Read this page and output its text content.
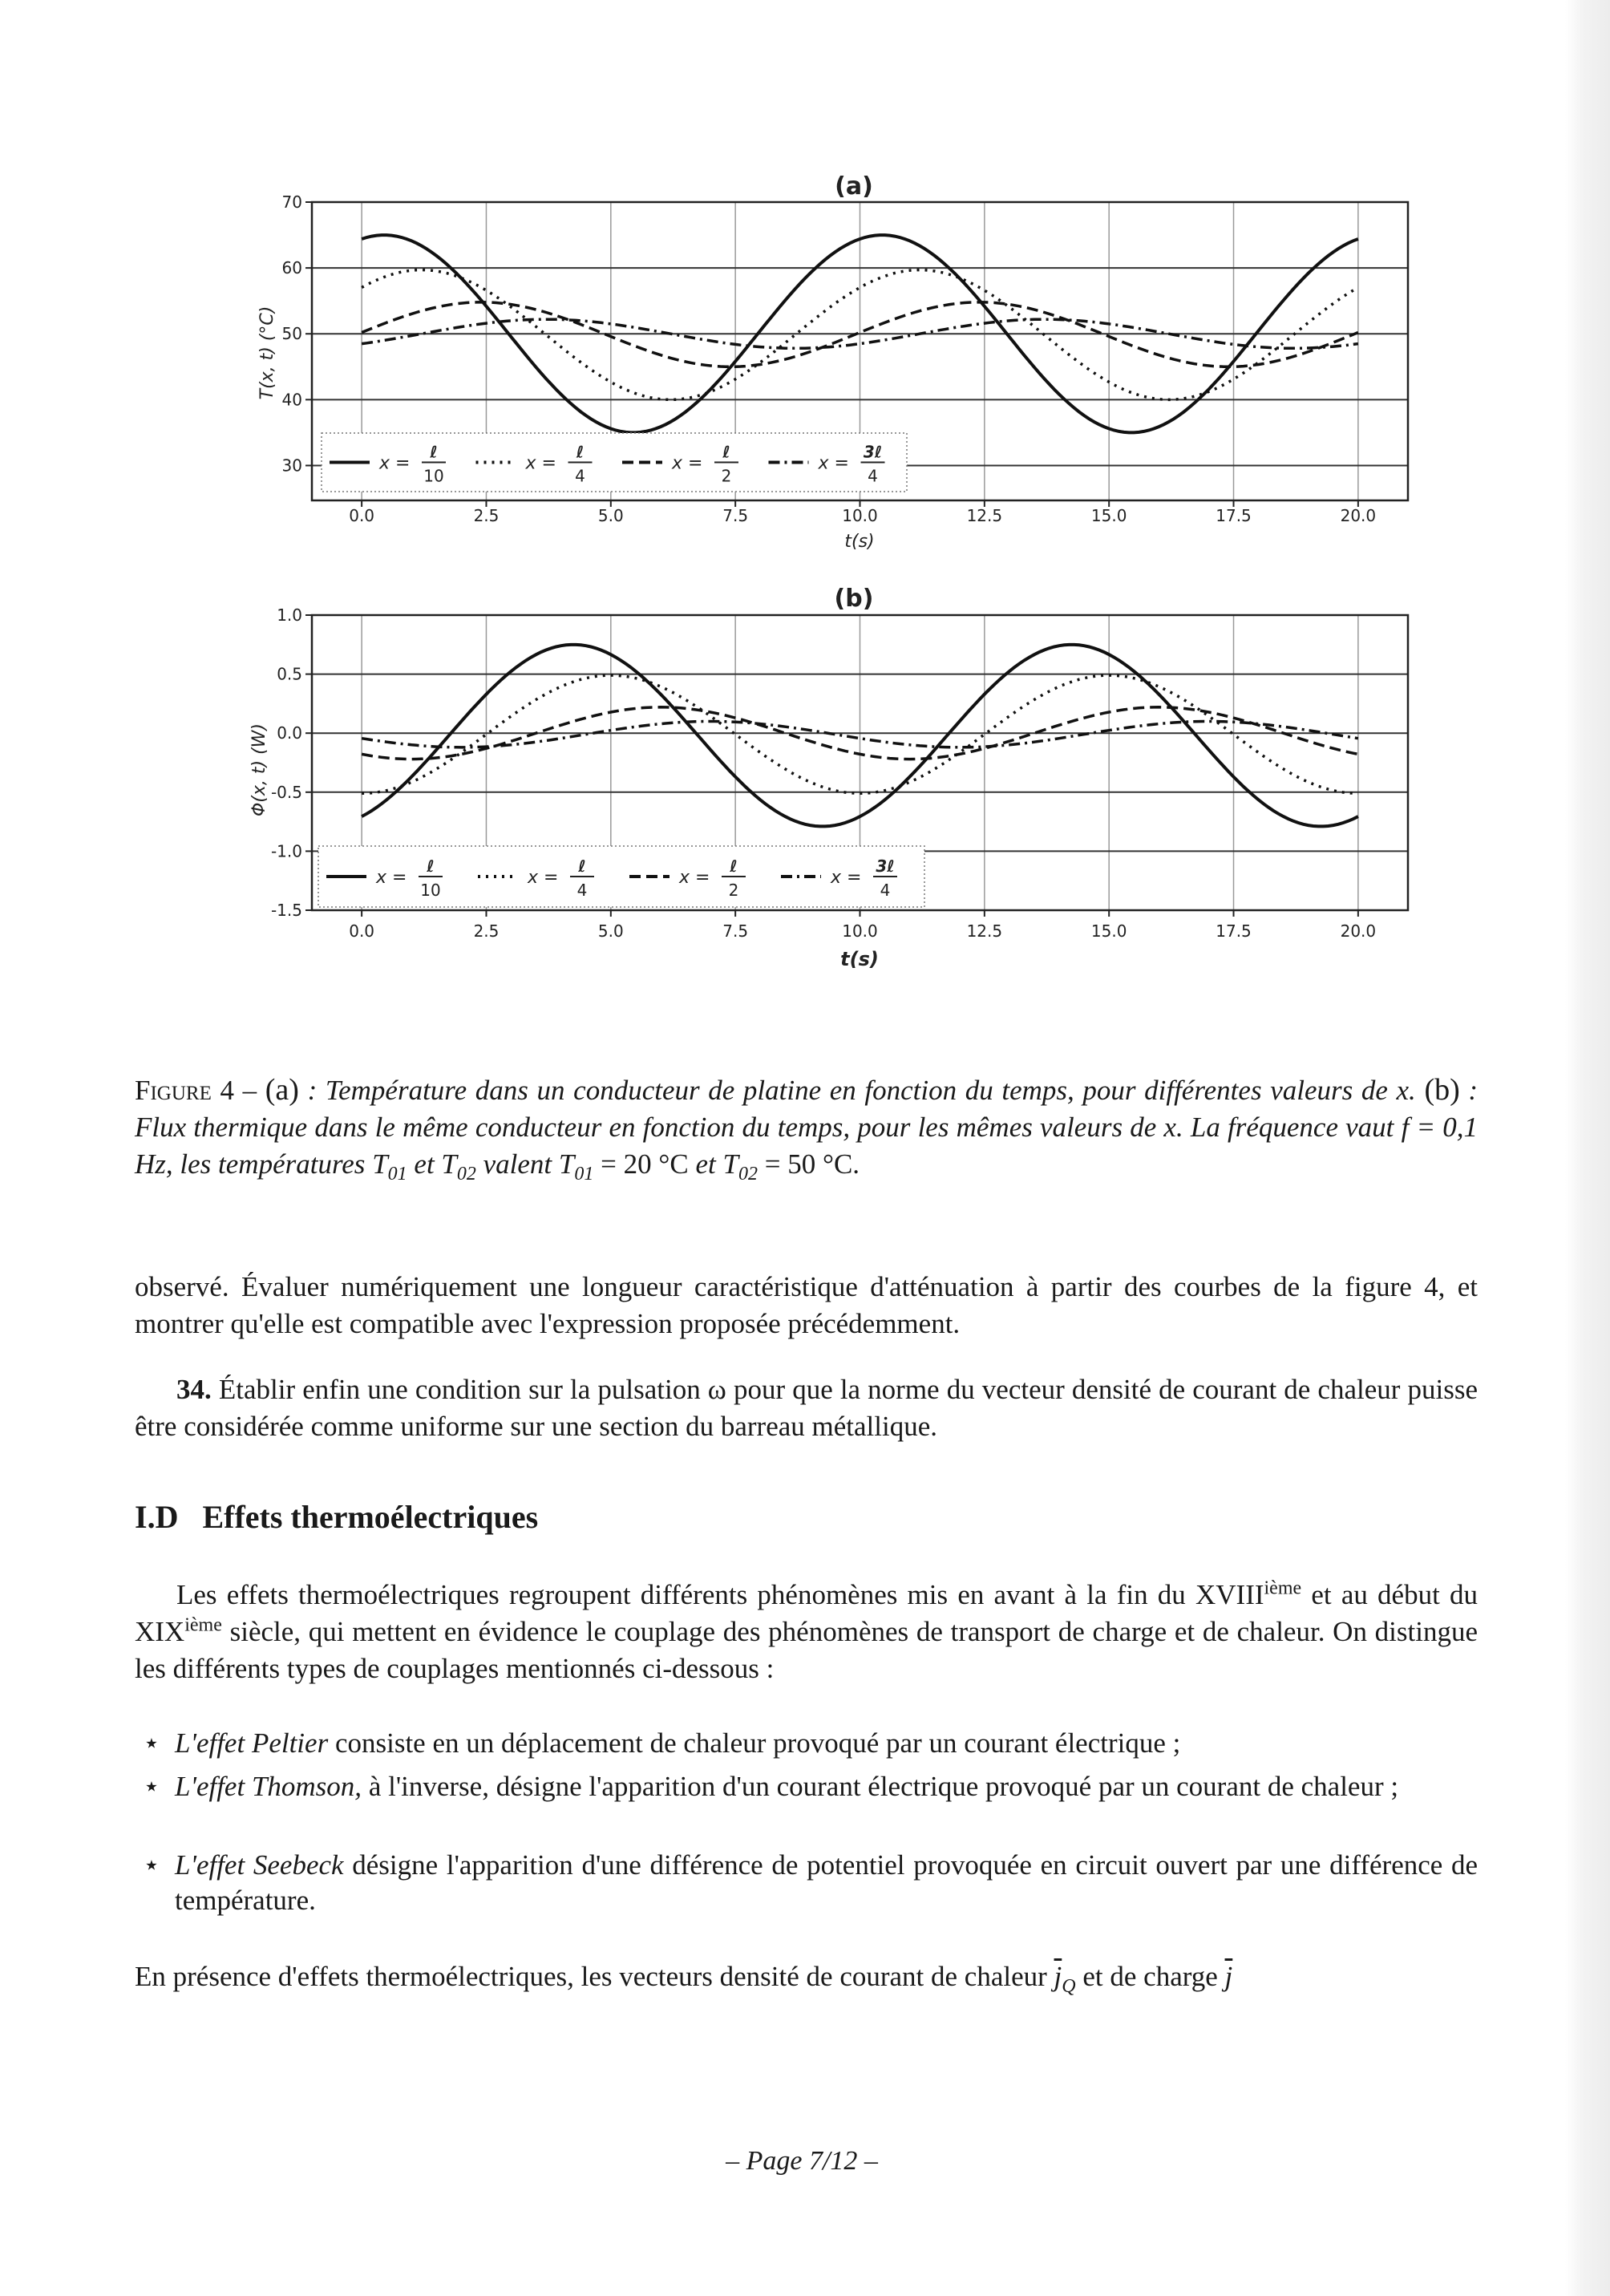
(a)
T(x, t) (°C)
t(s)
0.0	2.5	5.0	7.5	10.0	12.5	15.0	17.5	20.0
30
40
50
60
70
x =
ℓ
10
x =
ℓ
4
x =
ℓ
2
x =
3ℓ
4
(b)
Φ(x, t) (W)
t(s)
0.0	2.5	5.0	7.5	10.0	12.5	15.0	17.5	20.0
-1.5
-1.0
-0.5
0.0
0.5
1.0
x =
ℓ
10
x =
ℓ
4
x =
ℓ
2
x =
3ℓ
4
Figure 4 – (a) : Température dans un conducteur de platine en fonction du temps, pour différentes valeurs de x. (b) : Flux thermique dans le même conducteur en fonction du temps, pour les mêmes valeurs de x. La fréquence vaut f = 0,1 Hz, les températures $T_{01}$ et $T_{02}$ valent $T_{01} = 20$ °C et $T_{02} = 50$ °C.
observé. Évaluer numériquement une longueur caractéristique d'atténuation à partir des courbes de la figure 4, et montrer qu'elle est compatible avec l'expression proposée précédemment.
34. Établir enfin une condition sur la pulsation ω pour que la norme du vecteur densité de courant de chaleur puisse être considérée comme uniforme sur une section du barreau métallique.
I.D Effets thermoélectriques
Les effets thermoélectriques regroupent différents phénomènes mis en avant à la fin du XVIIIième et au début du XIXième siècle, qui mettent en évidence le couplage des phénomènes de transport de charge et de chaleur. On distingue les différents types de couplages mentionnés ci-dessous :
⋆ L'effet Peltier consiste en un déplacement de chaleur provoqué par un courant électrique ;
⋆ L'effet Thomson, à l'inverse, désigne l'apparition d'un courant électrique provoqué par un courant de chaleur ;
⋆ L'effet Seebeck désigne l'apparition d'une différence de potentiel provoquée en circuit ouvert par une différence de température.
En présence d'effets thermoélectriques, les vecteurs densité de courant de chaleur $\overline{j}_Q$ et de charge $\overline{j}$
– Page 7/12 –
